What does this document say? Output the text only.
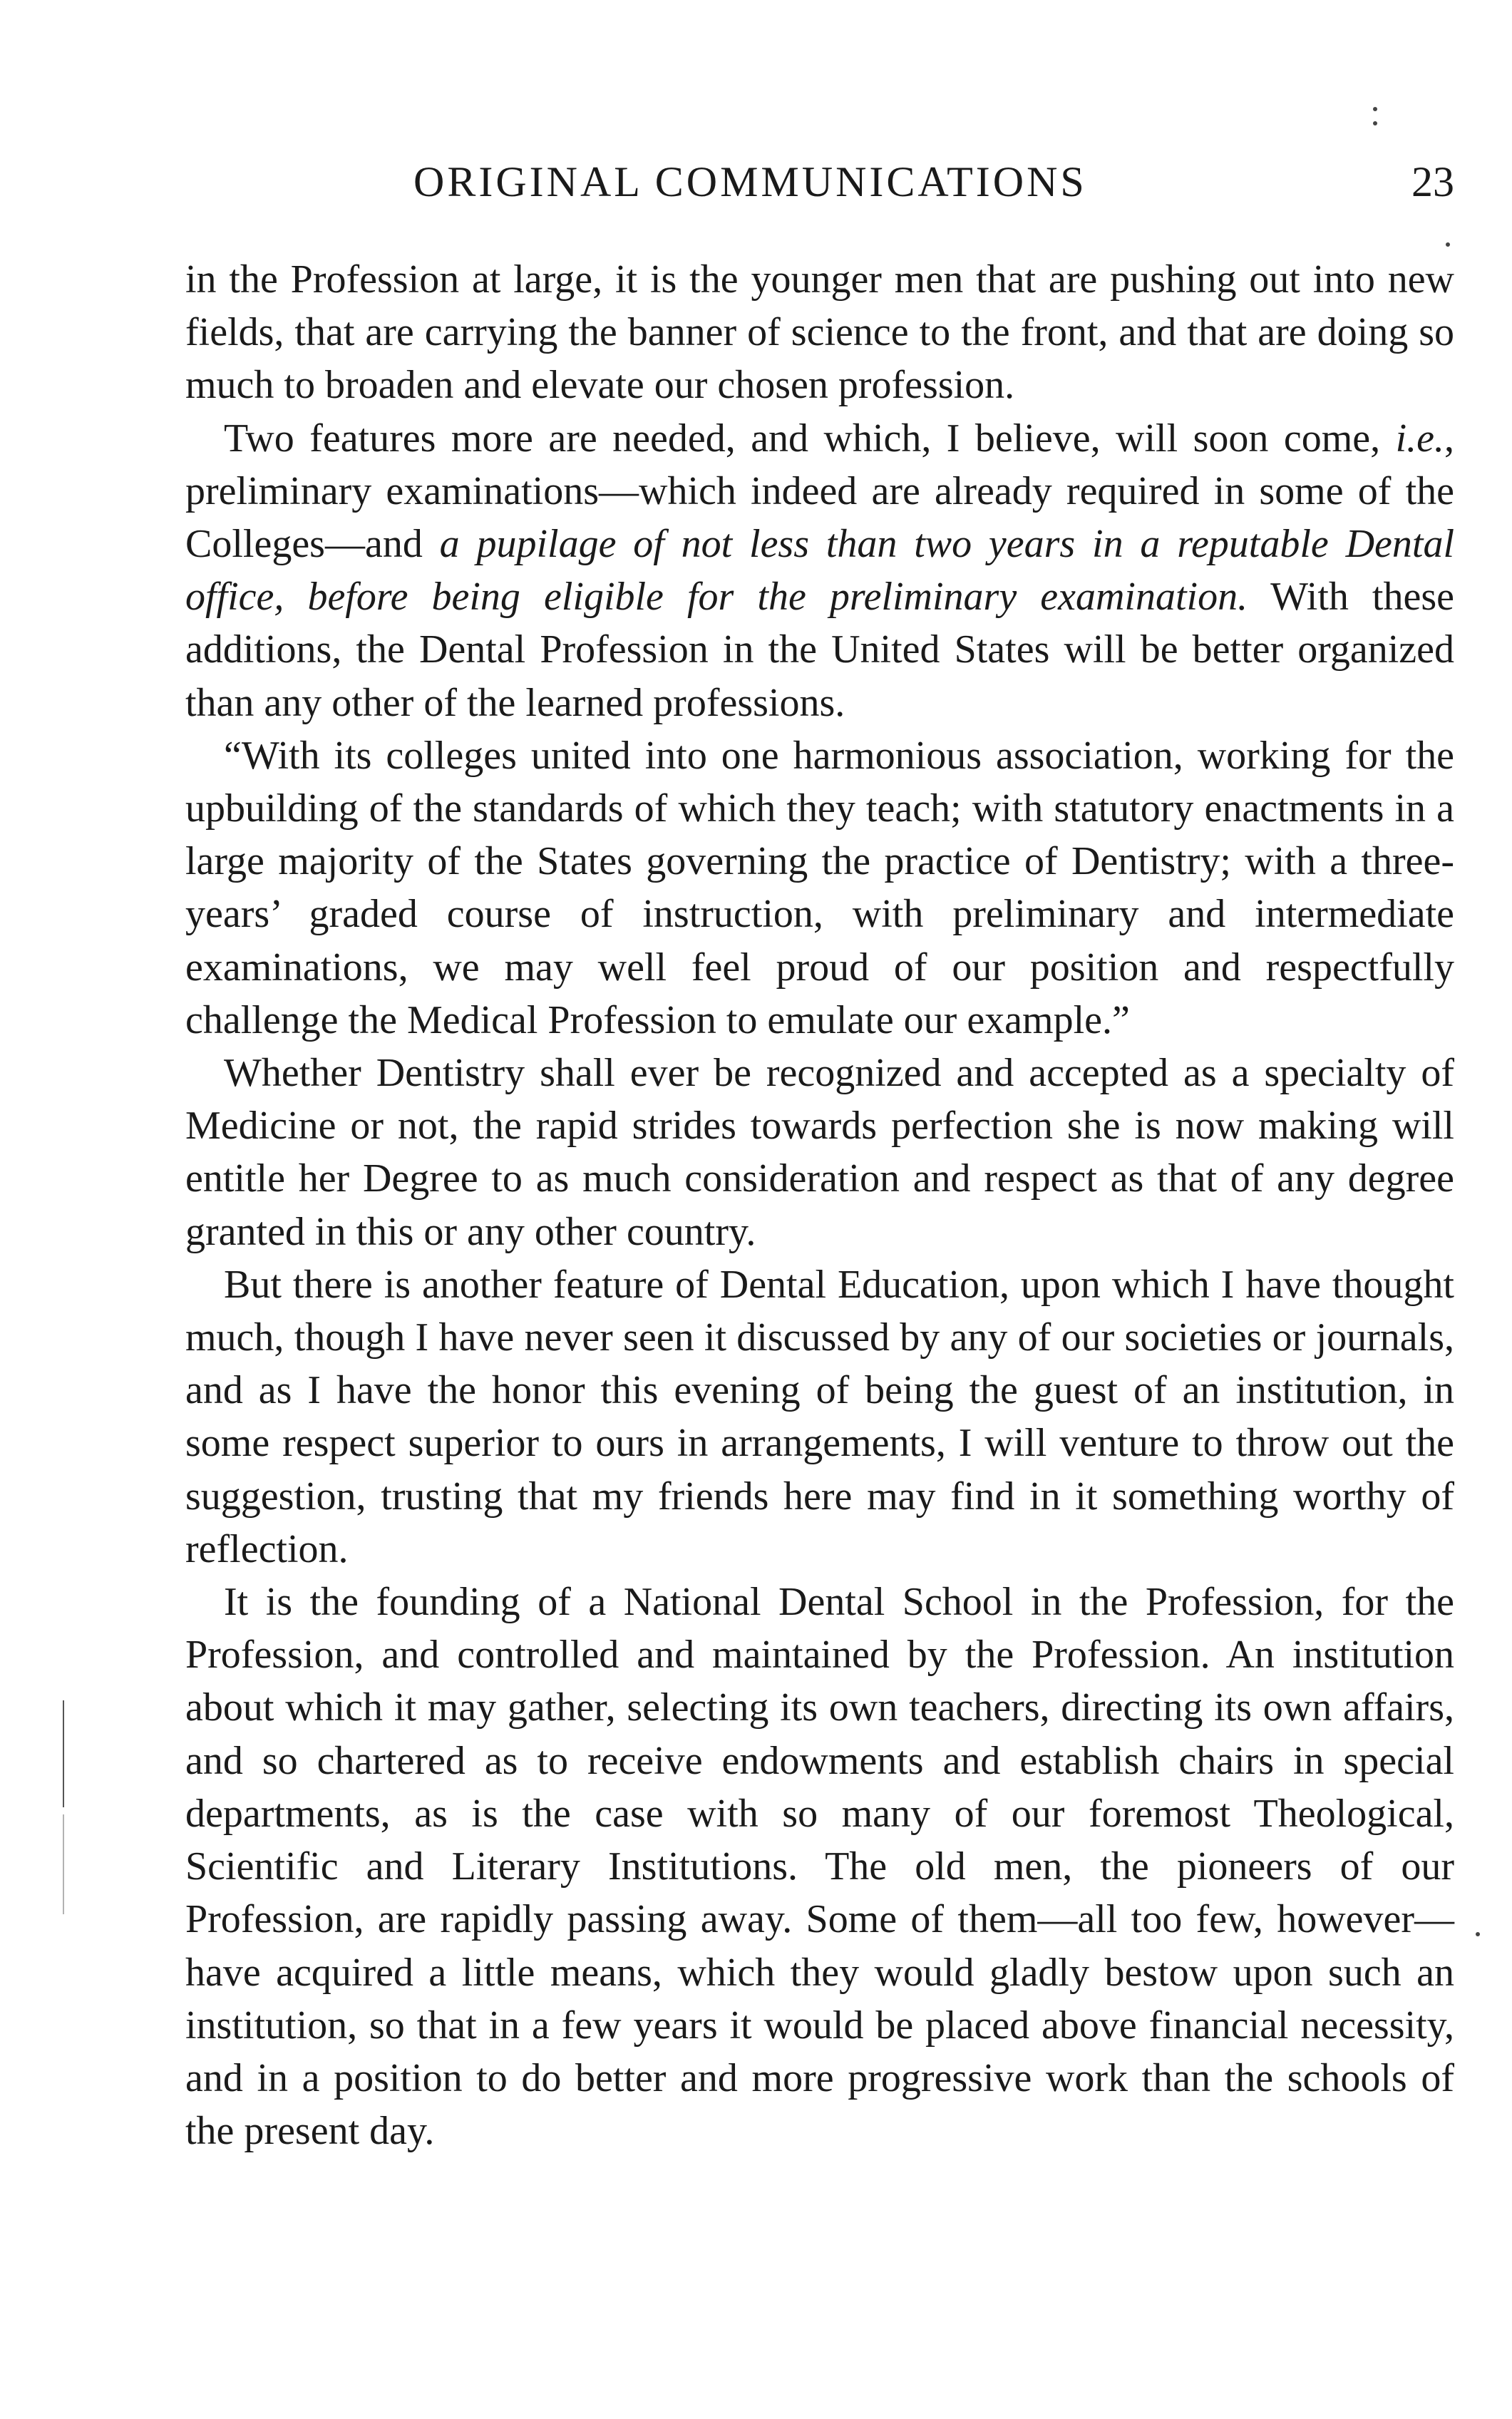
ORIGINAL COMMUNICATIONS	23

in the Profession at large, it is the younger men that are pushing out into new fields, that are carrying the banner of science to the front, and that are doing so much to broaden and elevate our chosen profession.

Two features more are needed, and which, I believe, will soon come, i.e., preliminary examinations—which indeed are already required in some of the Colleges—and a pupilage of not less than two years in a reputable Dental office, before being eligible for the preliminary examination. With these additions, the Dental Profession in the United States will be better organized than any other of the learned professions.

“With its colleges united into one harmonious association, working for the upbuilding of the standards of which they teach; with statutory enactments in a large majority of the States governing the practice of Dentistry; with a three-years’ graded course of instruction, with preliminary and intermediate examinations, we may well feel proud of our position and respectfully challenge the Medical Profession to emulate our example.”

Whether Dentistry shall ever be recognized and accepted as a specialty of Medicine or not, the rapid strides towards perfection she is now making will entitle her Degree to as much consideration and respect as that of any degree granted in this or any other country.

But there is another feature of Dental Education, upon which I have thought much, though I have never seen it discussed by any of our societies or journals, and as I have the honor this evening of being the guest of an institution, in some respect superior to ours in arrangements, I will venture to throw out the suggestion, trusting that my friends here may find in it something worthy of reflection.

It is the founding of a National Dental School in the Profession, for the Profession, and controlled and maintained by the Profession. An institution about which it may gather, selecting its own teachers, directing its own affairs, and so chartered as to receive endowments and establish chairs in special departments, as is the case with so many of our foremost Theological, Scientific and Literary Institutions. The old men, the pioneers of our Profession, are rapidly passing away. Some of them—all too few, however—have acquired a little means, which they would gladly bestow upon such an institution, so that in a few years it would be placed above financial necessity, and in a position to do better and more progressive work than the schools of the present day.
